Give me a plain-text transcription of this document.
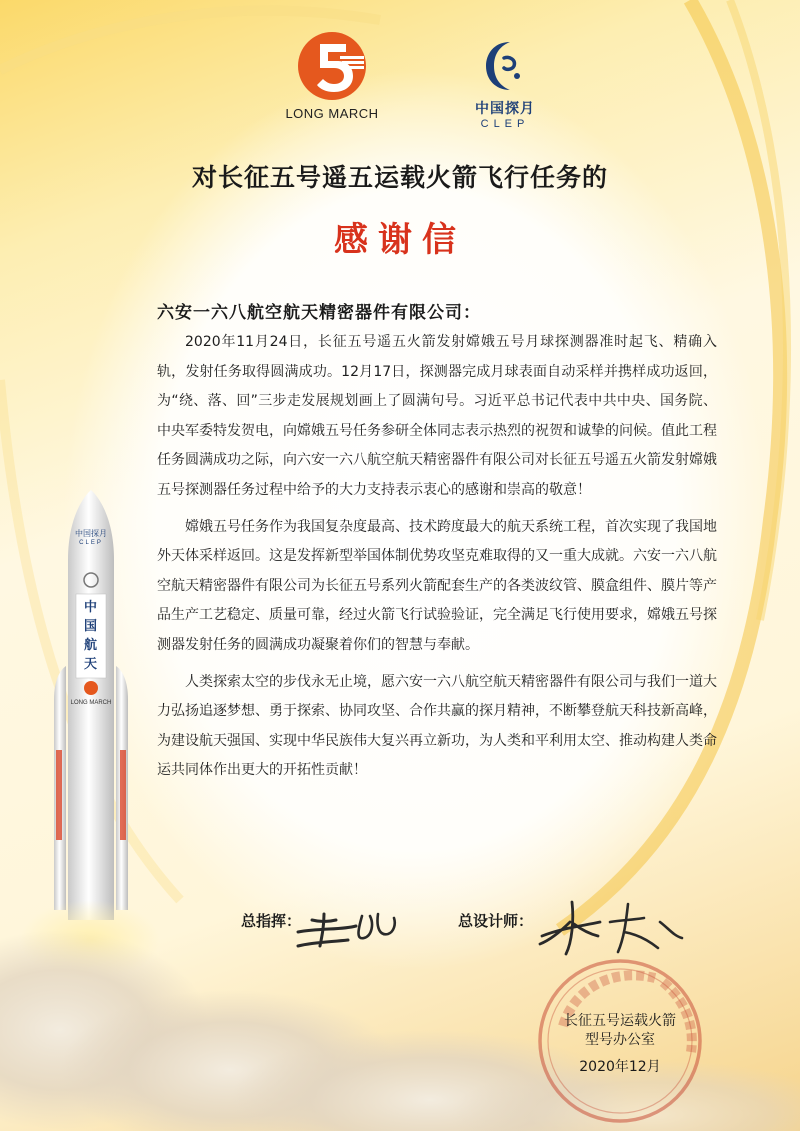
LONG MARCH	中国探月
CLEP
对长征五号遥五运载火箭飞行任务的
感谢信
六安一六八航空航天精密器件有限公司：

2020年11月24日，长征五号遥五火箭发射嫦娥五号月球探测器准时起飞、精确入轨，发射任务取得圆满成功。12月17日，探测器完成月球表面自动采样并携样成功返回，为“绕、落、回”三步走发展规划画上了圆满句号。习近平总书记代表中共中央、国务院、中央军委特发贺电，向嫦娥五号任务参研全体同志表示热烈的祝贺和诚挚的问候。值此工程任务圆满成功之际，向六安一六八航空航天精密器件有限公司对长征五号遥五火箭发射嫦娥五号探测器任务过程中给予的大力支持表示衷心的感谢和崇高的敬意！

嫦娥五号任务作为我国复杂度最高、技术跨度最大的航天系统工程，首次实现了我国地外天体采样返回。这是发挥新型举国体制优势攻坚克难取得的又一重大成就。六安一六八航空航天精密器件有限公司为长征五号系列火箭配套生产的各类波纹管、膜盒组件、膜片等产品生产工艺稳定、质量可靠，经过火箭飞行试验验证，完全满足飞行使用要求，嫦娥五号探测器发射任务的圆满成功凝聚着你们的智慧与奉献。

人类探索太空的步伐永无止境，愿六安一六八航空航天精密器件有限公司与我们一道大力弘扬追逐梦想、勇于探索、协同攻坚、合作共赢的探月精神，不断攀登航天科技新高峰，为建设航天强国、实现中华民族伟大复兴再立新功，为人类和平利用太空、推动构建人类命运共同体作出更大的开拓性贡献！

中国探月
CLEP
中国航天
LONG MARCH
总指挥：	总设计师：
长征五号运载火箭型号办公室
2020年12月
